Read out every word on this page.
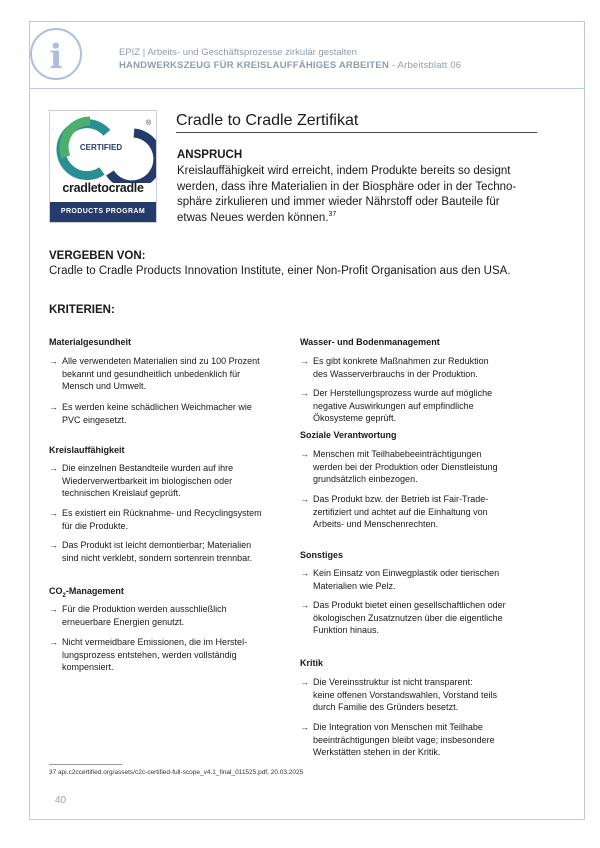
i	EPIZ | Arbeits- und Geschäftsprozesse zirkulär gestalten
HANDWERKSZEUG FÜR KREISLAUFFÄHIGES ARBEITEN - Arbeitsblatt 06
CERTIFIED
®
cradletocradle
PRODUCTS PROGRAM
Cradle to Cradle Zertifikat
ANSPRUCH
Kreislauffähigkeit wird erreicht, indem Produkte bereits so designt
werden, dass ihre Materialien in der Biosphäre oder in der Techno-
sphäre zirkulieren und immer wieder Nährstoff oder Bauteile für
etwas Neues werden können.$^{37}$
VERGEBEN VON:
Cradle to Cradle Products Innovation Institute, einer Non-Profit Organisation aus den USA.
KRITERIEN:
Materialgesundheit
→ Alle verwendeten Materialien sind zu 100 Prozent
bekannt und gesundheitlich unbedenklich für
Mensch und Umwelt.
→ Es werden keine schädlichen Weichmacher wie
PVC eingesetzt.
Kreislauffähigkeit
→ Die einzelnen Bestandteile wurden auf ihre
Wiederverwertbarkeit im biologischen oder
technischen Kreislauf geprüft.
→ Es existiert ein Rücknahme- und Recyclingsystem
für die Produkte.
→ Das Produkt ist leicht demontierbar; Materialien
sind nicht verklebt, sondern sortenrein trennbar.
$CO_2$-Management
→ Für die Produktion werden ausschließlich
erneuerbare Energien genutzt.
→ Nicht vermeidbare Emissionen, die im Herstel-
lungsprozess entstehen, werden vollständig
kompensiert.
Wasser- und Bodenmanagement
→ Es gibt konkrete Maßnahmen zur Reduktion
des Wasserverbrauchs in der Produktion.
→ Der Herstellungsprozess wurde auf mögliche
negative Auswirkungen auf empfindliche
Ökosysteme geprüft.
Soziale Verantwortung
→ Menschen mit Teilhabebeeinträchtigungen
werden bei der Produktion oder Dienstleistung
grundsätzlich einbezogen.
→ Das Produkt bzw. der Betrieb ist Fair-Trade-
zertifiziert und achtet auf die Einhaltung von
Arbeits- und Menschenrechten.
Sonstiges
→ Kein Einsatz von Einwegplastik oder tierischen
Materialien wie Pelz.
→ Das Produkt bietet einen gesellschaftlichen oder
ökologischen Zusatznutzen über die eigentliche
Funktion hinaus.
Kritik
→ Die Vereinsstruktur ist nicht transparent:
keine offenen Vorstandswahlen, Vorstand teils
durch Familie des Gründers besetzt.
→ Die Integration von Menschen mit Teilhabe
beeinträchtigungen bleibt vage; insbesondere
Werkstätten stehen in der Kritik.
37 api.c2ccertified.org/assets/c2c-certified-full-scope_v4.1_final_011525.pdf, 20.03.2025
40
